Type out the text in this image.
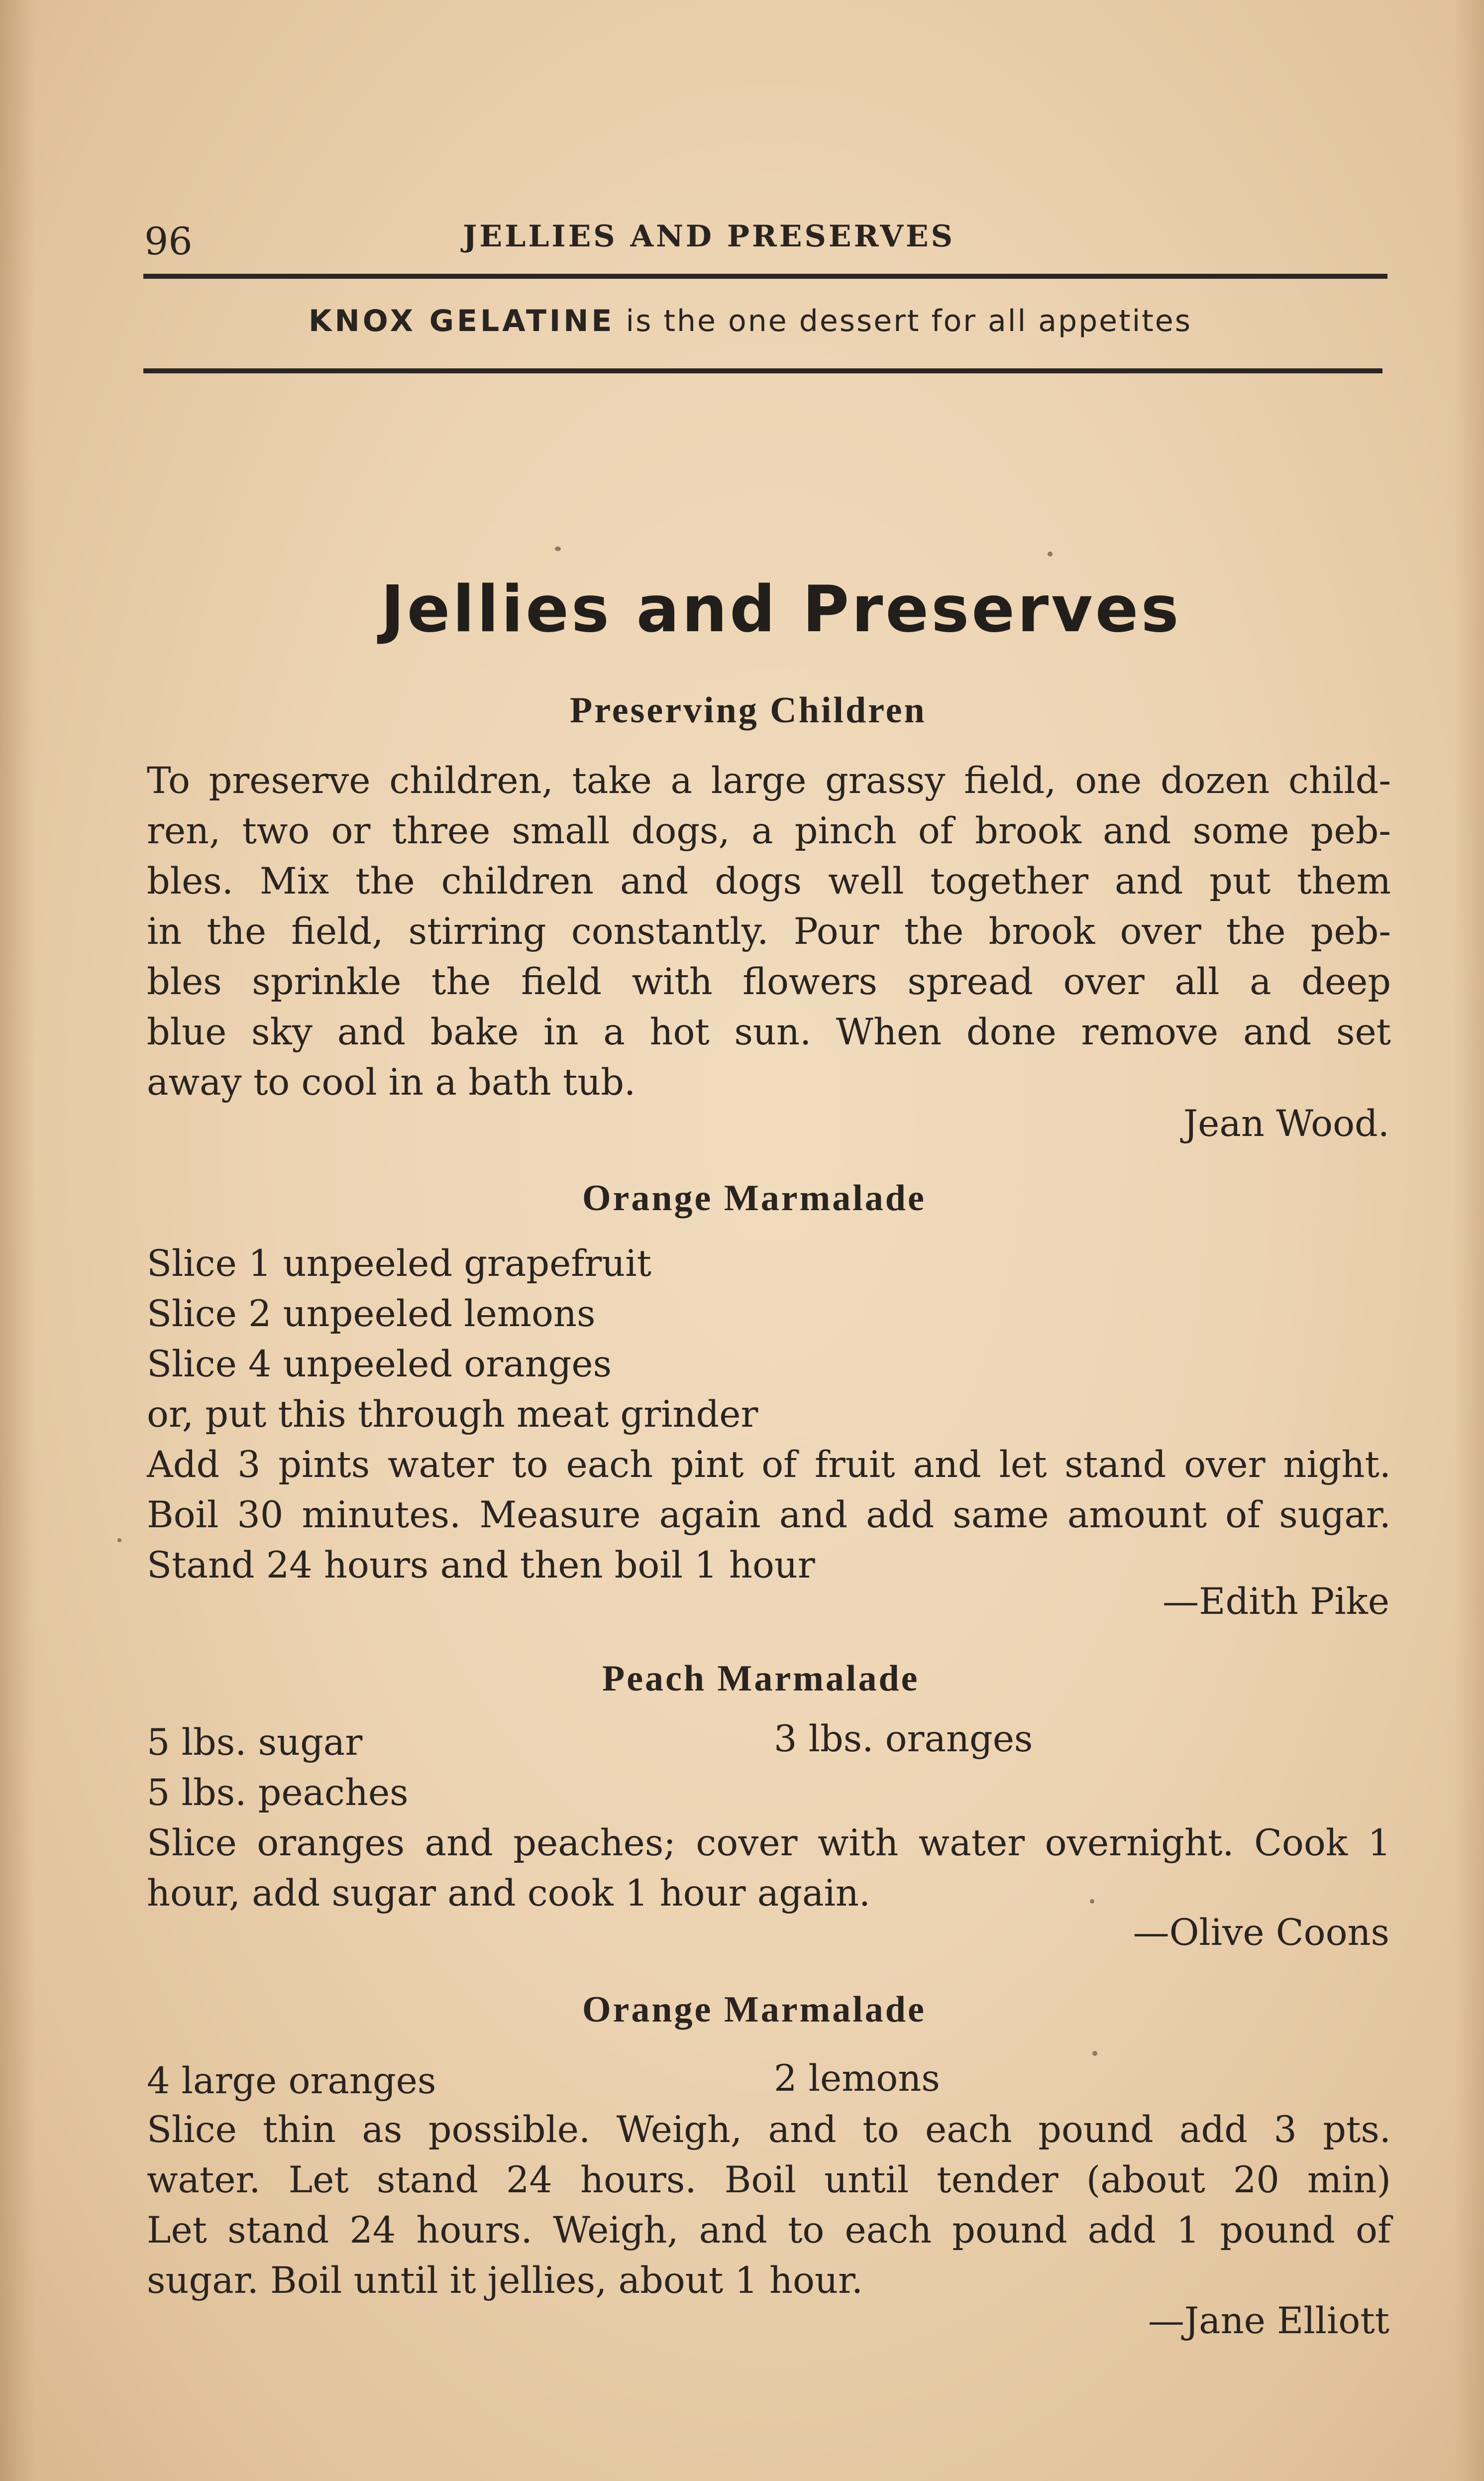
96	JELLIES AND PRESERVES
KNOX GELATINE is the one dessert for all appetites
Jellies and Preserves
Preserving Children
To preserve children, take a large grassy field, one dozen child-
ren, two or three small dogs, a pinch of brook and some peb-
bles. Mix the children and dogs well together and put them
in the field, stirring constantly. Pour the brook over the peb-
bles sprinkle the field with flowers spread over all a deep
blue sky and bake in a hot sun. When done remove and set
away to cool in a bath tub.
Jean Wood.
Orange Marmalade
Slice 1 unpeeled grapefruit
Slice 2 unpeeled lemons
Slice 4 unpeeled oranges
or, put this through meat grinder
Add 3 pints water to each pint of fruit and let stand over night.
Boil 30 minutes. Measure again and add same amount of sugar.
Stand 24 hours and then boil 1 hour
—Edith Pike
Peach Marmalade
5 lbs. sugar
5 lbs. peaches
3 lbs. oranges
Slice oranges and peaches; cover with water overnight. Cook 1
hour, add sugar and cook 1 hour again.
—Olive Coons
Orange Marmalade
4 large oranges	2 lemons
Slice thin as possible. Weigh, and to each pound add 3 pts.
water. Let stand 24 hours. Boil until tender (about 20 min)
Let stand 24 hours. Weigh, and to each pound add 1 pound of
sugar. Boil until it jellies, about 1 hour.
—Jane Elliott
